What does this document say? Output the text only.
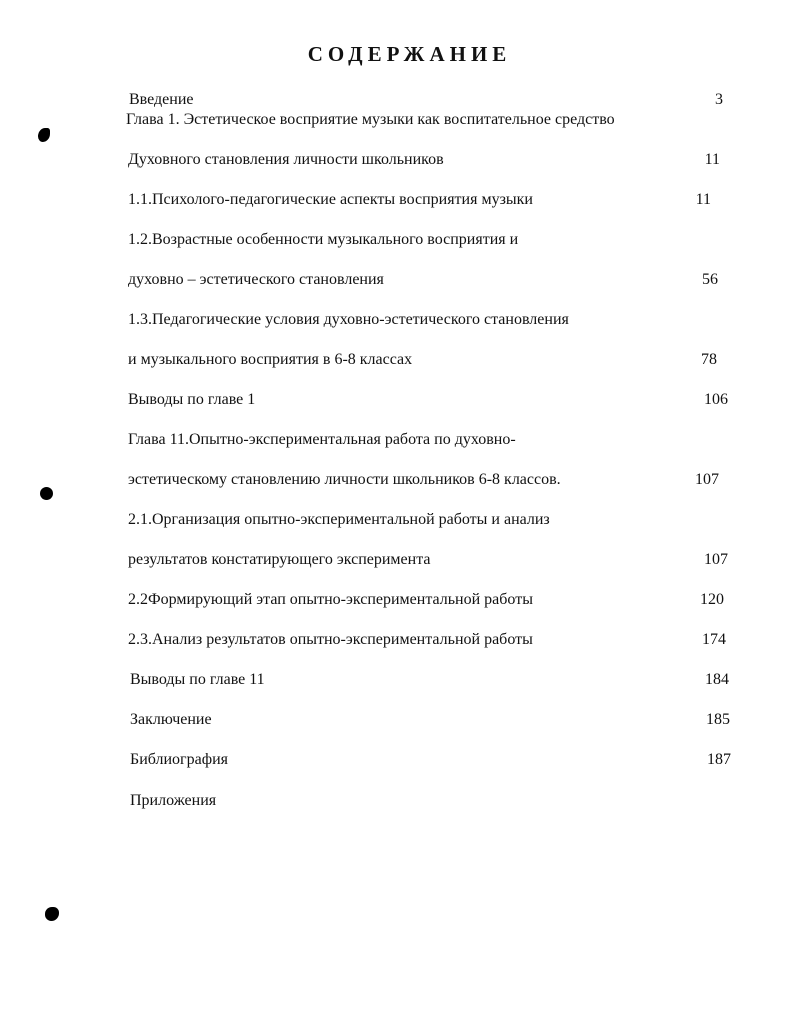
СОДЕРЖАНИЕ
Введение	3
Глава 1. Эстетическое восприятие музыки как воспитательное средство
Духовного становления личности школьников	11
1.1.Психолого-педагогические аспекты восприятия музыки	11
1.2.Возрастные особенности музыкального восприятия и
духовно – эстетического становления	56
1.3.Педагогические условия духовно-эстетического становления
и музыкального восприятия в 6-8 классах	78
Выводы по главе 1	106
Глава 11.Опытно-экспериментальная работа по духовно-
эстетическому становлению личности школьников 6-8 классов.	107
2.1.Организация опытно-экспериментальной работы и анализ
результатов констатирующего эксперимента	107
2.2Формирующий этап опытно-экспериментальной работы	120
2.3.Анализ результатов опытно-экспериментальной работы	174
Выводы по главе 11	184
Заключение	185
Библиография	187
Приложения
